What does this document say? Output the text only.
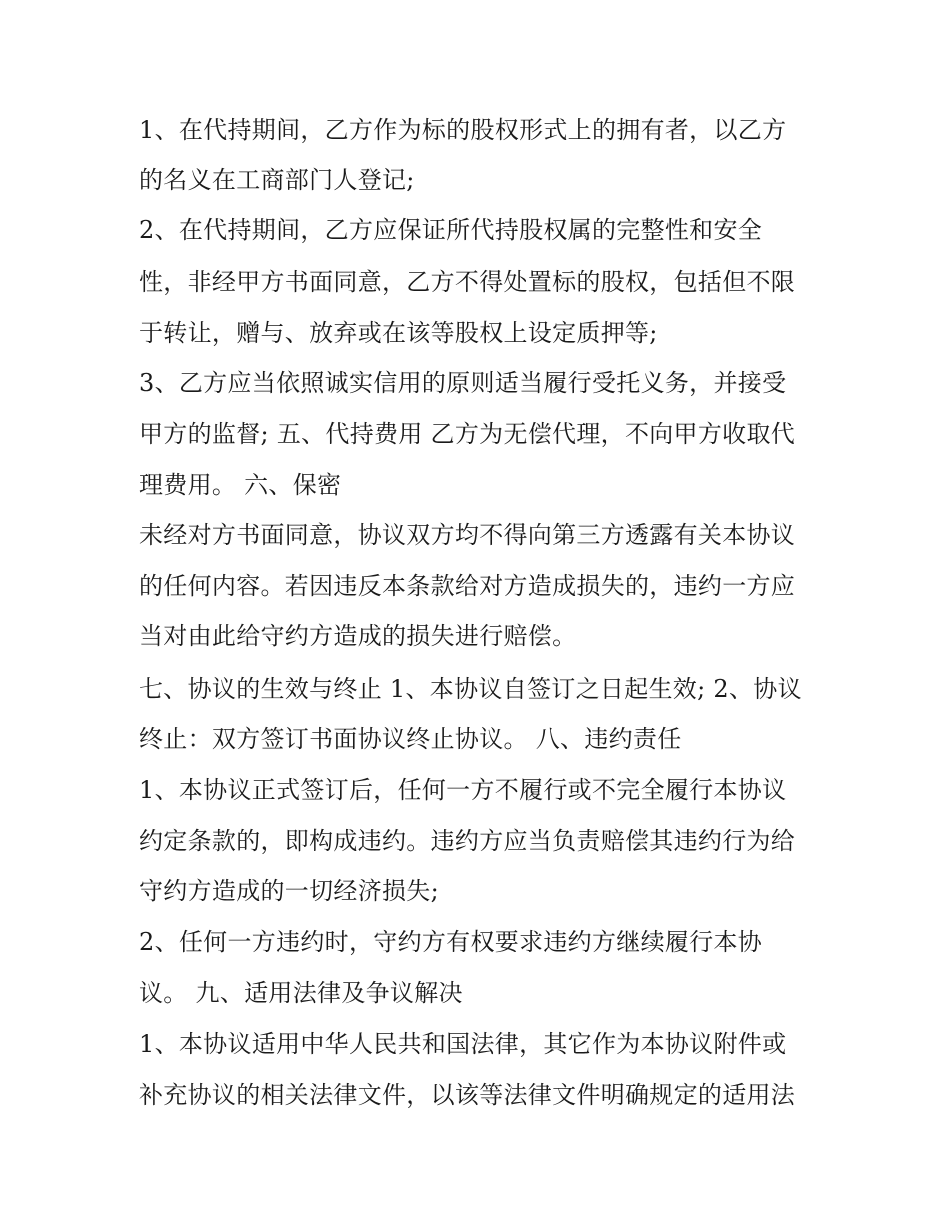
1、在代持期间，乙方作为标的股权形式上的拥有者，以乙方

的名义在工商部门人登记;

2、在代持期间，乙方应保证所代持股权属的完整性和安全

性，非经甲方书面同意，乙方不得处置标的股权，包括但不限

于转让，赠与、放弃或在该等股权上设定质押等;

3、乙方应当依照诚实信用的原则适当履行受托义务，并接受

甲方的监督; 五、代持费用 乙方为无偿代理，不向甲方收取代

理费用。 六、保密

未经对方书面同意，协议双方均不得向第三方透露有关本协议

的任何内容。若因违反本条款给对方造成损失的，违约一方应

当对由此给守约方造成的损失进行赔偿。

七、协议的生效与终止 1、本协议自签订之日起生效; 2、协议

终止：双方签订书面协议终止协议。 八、违约责任

1、本协议正式签订后，任何一方不履行或不完全履行本协议

约定条款的，即构成违约。违约方应当负责赔偿其违约行为给

守约方造成的一切经济损失;

2、任何一方违约时，守约方有权要求违约方继续履行本协

议。 九、适用法律及争议解决

1、本协议适用中华人民共和国法律，其它作为本协议附件或

补充协议的相关法律文件，以该等法律文件明确规定的适用法
